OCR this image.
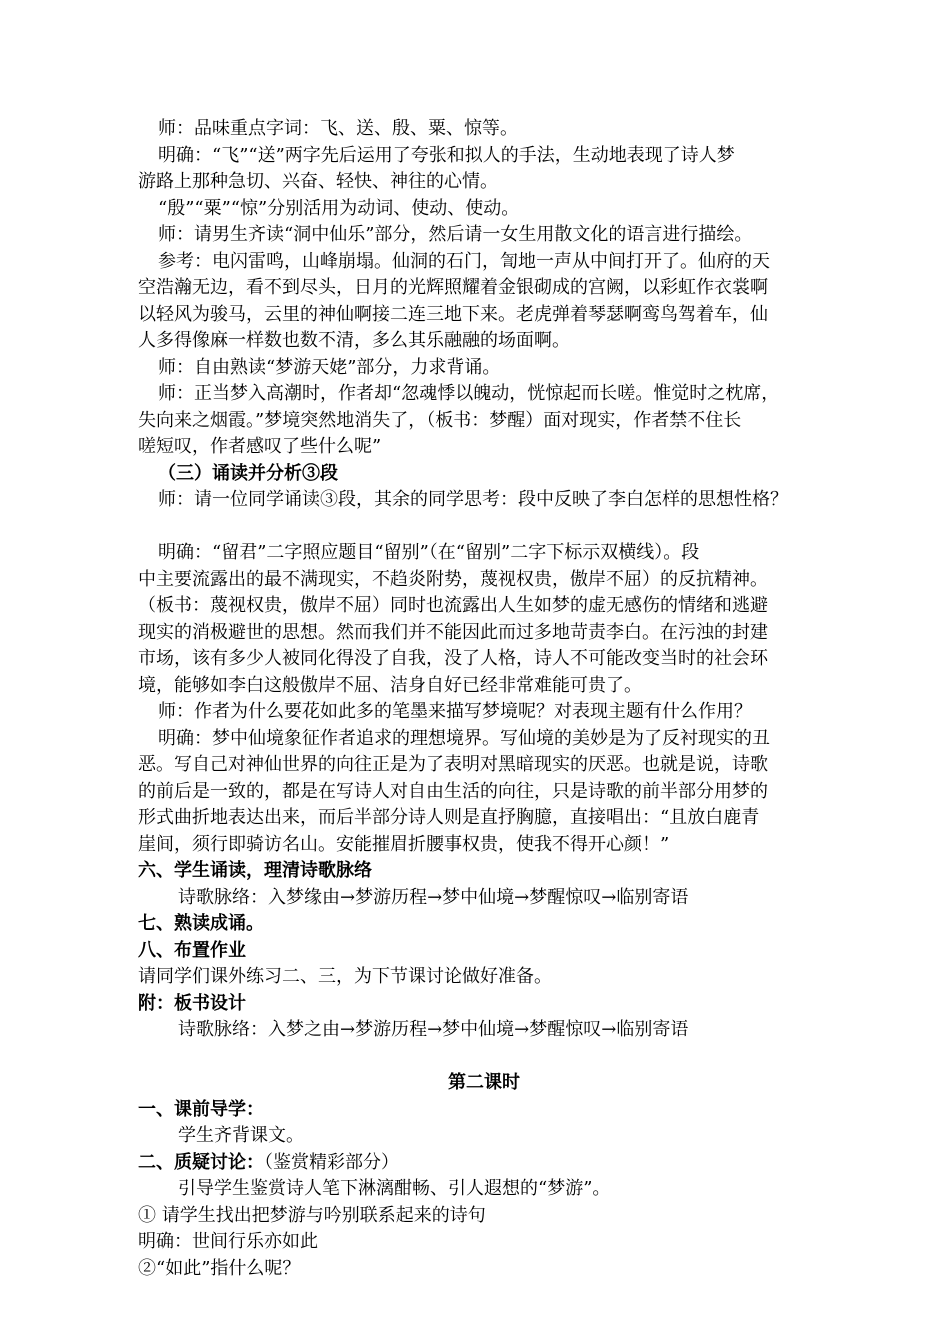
师：品味重点字词：飞、送、殷、粟、惊等。
明确：“飞”“送”两字先后运用了夸张和拟人的手法，生动地表现了诗人梦
游路上那种急切、兴奋、轻快、神往的心情。
“殷”“粟”“惊”分别活用为动词、使动、使动。
师：请男生齐读“洞中仙乐”部分，然后请一女生用散文化的语言进行描绘。
参考：电闪雷鸣，山峰崩塌。仙洞的石门，訇地一声从中间打开了。仙府的天
空浩瀚无边，看不到尽头，日月的光辉照耀着金银砌成的宫阙，以彩虹作衣裳啊
以轻风为骏马，云里的神仙啊接二连三地下来。老虎弹着琴瑟啊鸾鸟驾着车，仙
人多得像麻一样数也数不清，多么其乐融融的场面啊。
师：自由熟读“梦游天姥”部分，力求背诵。
师：正当梦入高潮时，作者却“忽魂悸以魄动，恍惊起而长嗟。惟觉时之枕席，
失向来之烟霞。”梦境突然地消失了，（板书：梦醒）面对现实，作者禁不住长
嗟短叹，作者感叹了些什么呢”
（三）诵读并分析③段
师：请一位同学诵读③段，其余的同学思考：段中反映了李白怎样的思想性格？
明确：“留君”二字照应题目“留别”（在“留别”二字下标示双横线）。段
中主要流露出的最不满现实，不趋炎附势，蔑视权贵，傲岸不屈）的反抗精神。
（板书：蔑视权贵，傲岸不屈）同时也流露出人生如梦的虚无感伤的情绪和逃避
现实的消极避世的思想。然而我们并不能因此而过多地苛责李白。在污浊的封建
市场，该有多少人被同化得没了自我，没了人格，诗人不可能改变当时的社会环
境，能够如李白这般傲岸不屈、洁身自好已经非常难能可贵了。
师：作者为什么要花如此多的笔墨来描写梦境呢？对表现主题有什么作用？
明确：梦中仙境象征作者追求的理想境界。写仙境的美妙是为了反衬现实的丑
恶。写自己对神仙世界的向往正是为了表明对黑暗现实的厌恶。也就是说，诗歌
的前后是一致的，都是在写诗人对自由生活的向往，只是诗歌的前半部分用梦的
形式曲折地表达出来，而后半部分诗人则是直抒胸臆，直接唱出：“且放白鹿青
崖间，须行即骑访名山。安能摧眉折腰事权贵，使我不得开心颜！”
六、学生诵读，理清诗歌脉络
诗歌脉络：入梦缘由→梦游历程→梦中仙境→梦醒惊叹→临别寄语
七、熟读成诵。
八、布置作业
请同学们课外练习二、三，为下节课讨论做好准备。
附：板书设计
诗歌脉络：入梦之由→梦游历程→梦中仙境→梦醒惊叹→临别寄语
第二课时
一、课前导学：
学生齐背课文。
二、质疑讨论：（鉴赏精彩部分）
引导学生鉴赏诗人笔下淋漓酣畅、引人遐想的“梦游”。
① 请学生找出把梦游与吟别联系起来的诗句
明确：世间行乐亦如此
②“如此”指什么呢？
